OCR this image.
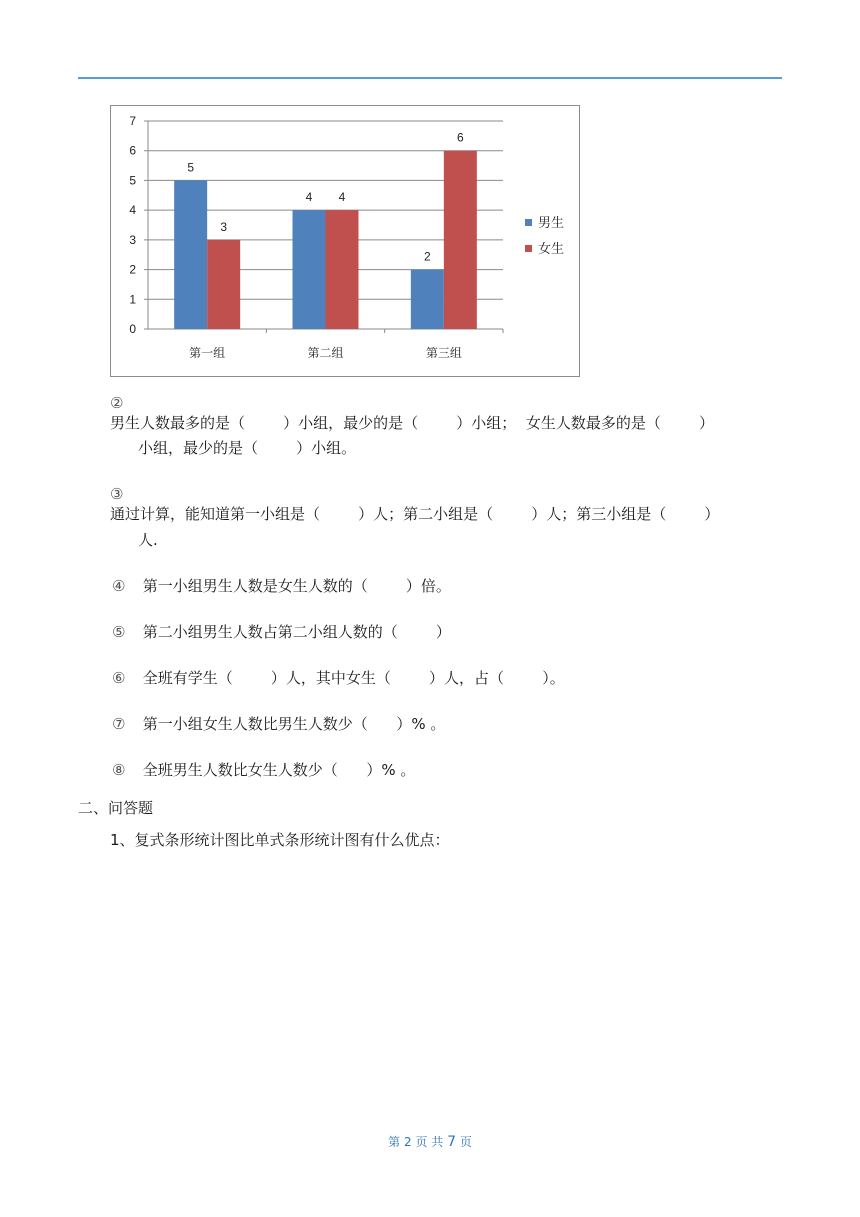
0
1
2
3
4
5
6
7
第一组
5
3
第二组
4 4
第三组
2
6
男生
女生
②
男生人数最多的是（        ）小组，最少的是（        ）小组；  女生人数最多的是（        ）
小组，最少的是（        ）小组。
③
通过计算，能知道第一小组是（        ）人；第二小组是（        ）人；第三小组是（        ）
人.
④ 第一小组男生人数是女生人数的（        ）倍。
⑤ 第二小组男生人数占第二小组人数的（        ）
⑥ 全班有学生（        ）人，其中女生（        ）人，占（        ）。
⑦ 第一小组女生人数比男生人数少（      ）% 。
⑧ 全班男生人数比女生人数少（      ）% 。
二、问答题
1、复式条形统计图比单式条形统计图有什么优点：
第 2 页 共 7 页
